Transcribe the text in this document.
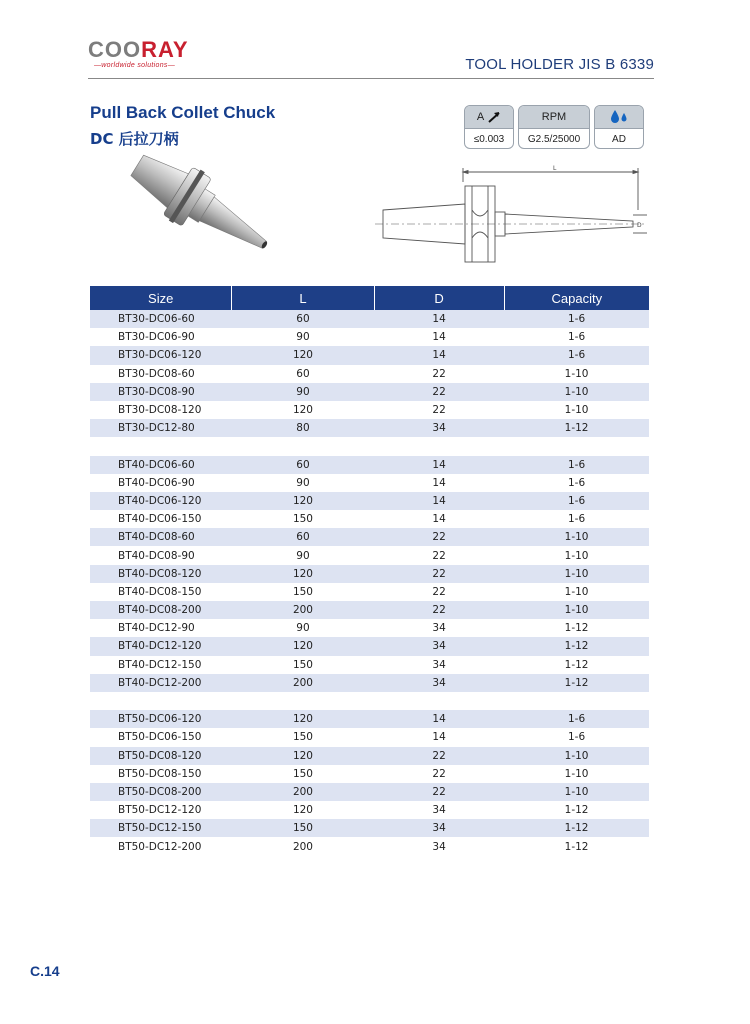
COORAY
—worldwide solutions—	TOOL HOLDER JIS B 6339
Pull Back Collet Chuck
DC 后拉刀柄
A
≤0.003
RPM
G2.5/25000	AD
L
D
Size	L	D	Capacity
BT30-DC06-60	60	14	1-6
BT30-DC06-90	90	14	1-6
BT30-DC06-120	120	14	1-6
BT30-DC08-60	60	22	1-10
BT30-DC08-90	90	22	1-10
BT30-DC08-120	120	22	1-10
BT30-DC12-80	80	34	1-12

BT40-DC06-60	60	14	1-6
BT40-DC06-90	90	14	1-6
BT40-DC06-120	120	14	1-6
BT40-DC06-150	150	14	1-6
BT40-DC08-60	60	22	1-10
BT40-DC08-90	90	22	1-10
BT40-DC08-120	120	22	1-10
BT40-DC08-150	150	22	1-10
BT40-DC08-200	200	22	1-10
BT40-DC12-90	90	34	1-12
BT40-DC12-120	120	34	1-12
BT40-DC12-150	150	34	1-12
BT40-DC12-200	200	34	1-12

BT50-DC06-120	120	14	1-6
BT50-DC06-150	150	14	1-6
BT50-DC08-120	120	22	1-10
BT50-DC08-150	150	22	1-10
BT50-DC08-200	200	22	1-10
BT50-DC12-120	120	34	1-12
BT50-DC12-150	150	34	1-12
BT50-DC12-200	200	34	1-12
C.14
